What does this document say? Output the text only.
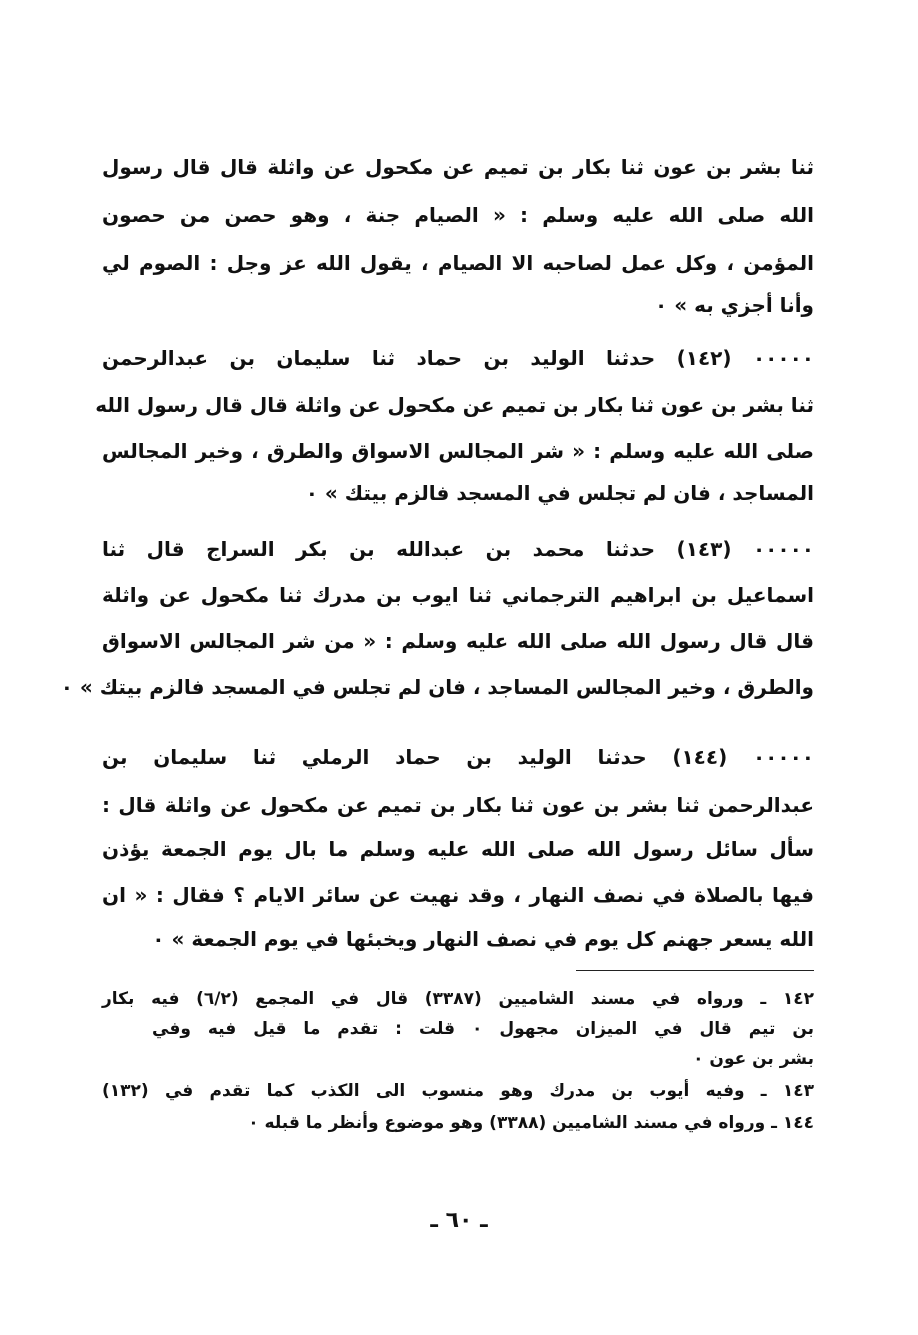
ثنا بشر بن عون ثنا بكار بن تميم عن مكحول عن واثلة قال قال رسول
الله صلى الله عليه وسلم : « الصيام جنة ، وهو حصن من حصون
المؤمن ، وكل عمل لصاحبه الا الصيام ، يقول الله عز وجل : الصوم لي
وأنا أجزي به » ٠
٠٠٠٠٠ (١٤٢) حدثنا الوليد بن حماد ثنا سليمان بن عبدالرحمن
ثنا بشر بن عون ثنا بكار بن تميم عن مكحول عن واثلة قال قال رسول الله
صلى الله عليه وسلم : « شر المجالس الاسواق والطرق ، وخير المجالس
المساجد ، فان لم تجلس في المسجد فالزم بيتك » ٠
٠٠٠٠٠ (١٤٣) حدثنا محمد بن عبدالله بن بكر السراج قال ثنا
اسماعيل بن ابراهيم الترجماني ثنا ايوب بن مدرك ثنا مكحول عن واثلة
قال قال رسول الله صلى الله عليه وسلم : « من شر المجالس الاسواق
والطرق ، وخير المجالس المساجد ، فان لم تجلس في المسجد فالزم بيتك » ٠
٠٠٠٠٠ (١٤٤) حدثنا الوليد بن حماد الرملي ثنا سليمان بن
عبدالرحمن ثنا بشر بن عون ثنا بكار بن تميم عن مكحول عن واثلة قال :
سأل سائل رسول الله صلى الله عليه وسلم ما بال يوم الجمعة يؤذن
فيها بالصلاة في نصف النهار ، وقد نهيت عن سائر الايام ؟ فقال : « ان
الله يسعر جهنم كل يوم في نصف النهار ويخبئها في يوم الجمعة » ٠
١٤٢ ـ ورواه في مسند الشاميين (٣٣٨٧) قال في المجمع (٦/٢) فيه بكار
بن تيم قال في الميزان مجهول ٠ قلت : تقدم ما قيل فيه وفي
بشر بن عون ٠
١٤٣ ـ وفيه أيوب بن مدرك وهو منسوب الى الكذب كما تقدم في (١٣٢)
١٤٤ ـ ورواه في مسند الشاميين (٣٣٨٨) وهو موضوع وأنظر ما قبله ٠
ـ ٦٠ ـ
